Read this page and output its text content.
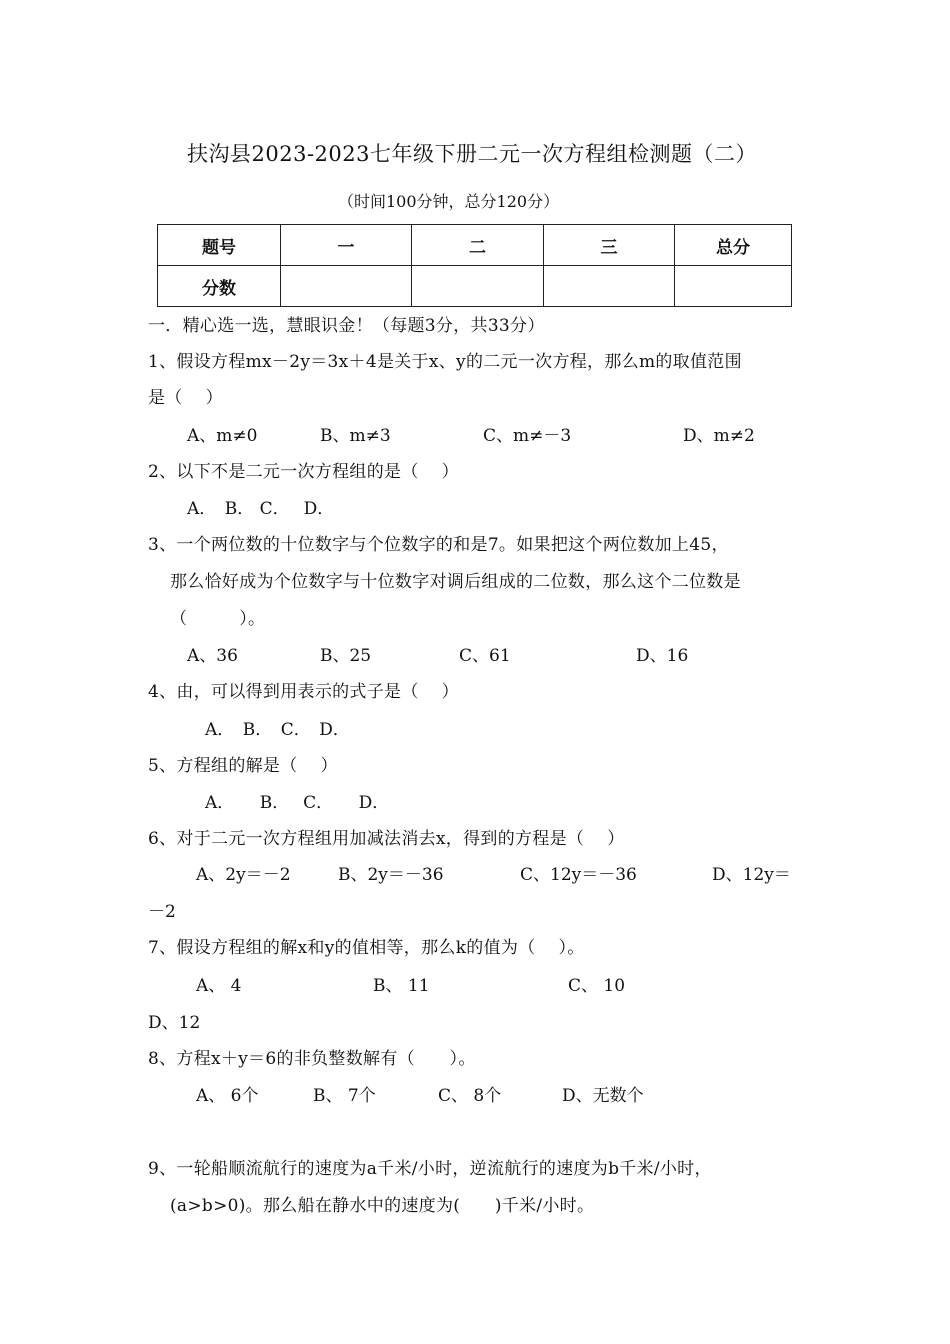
扶沟县2023-2023七年级下册二元一次方程组检测题（二）
（时间100分钟，总分120分）
题号	一	二	三	总分
分数				
一．精心选一选，慧眼识金！（每题3分，共33分）
1、假设方程mx－2y＝3x＋4是关于x、y的二元一次方程，那么m的取值范围
是（　 ）
A、m≠0	B、m≠3	C、m≠－3	D、m≠2
2、以下不是二元一次方程组的是（　 ）
A．　B． C．　 D．
3、一个两位数的十位数字与个位数字的和是7。如果把这个两位数加上45，
那么恰好成为个位数字与十位数字对调后组成的二位数，那么这个二位数是
（　　　）。
A、36	B、25	C、61	D、16
4、由，可以得到用表示的式子是（　 ）
A．　B．　C．　D．
5、方程组的解是（　 ）
A．　　B．　 C．　　D．
6、对于二元一次方程组用加减法消去x，得到的方程是（　 ）
A、2y＝－2	B、2y＝－36	C、12y＝－36	D、12y＝
－2
7、假设方程组的解x和y的值相等，那么k的值为（　 ）。
A、 4	B、 11	C、 10
D、12
8、方程x＋y＝6的非负整数解有（　　）。
A、 6个	B、 7个	C、 8个	D、无数个
9、一轮船顺流航行的速度为a千米/小时，逆流航行的速度为b千米/小时，
(a>b>0)。那么船在静水中的速度为(　　)千米/小时。
